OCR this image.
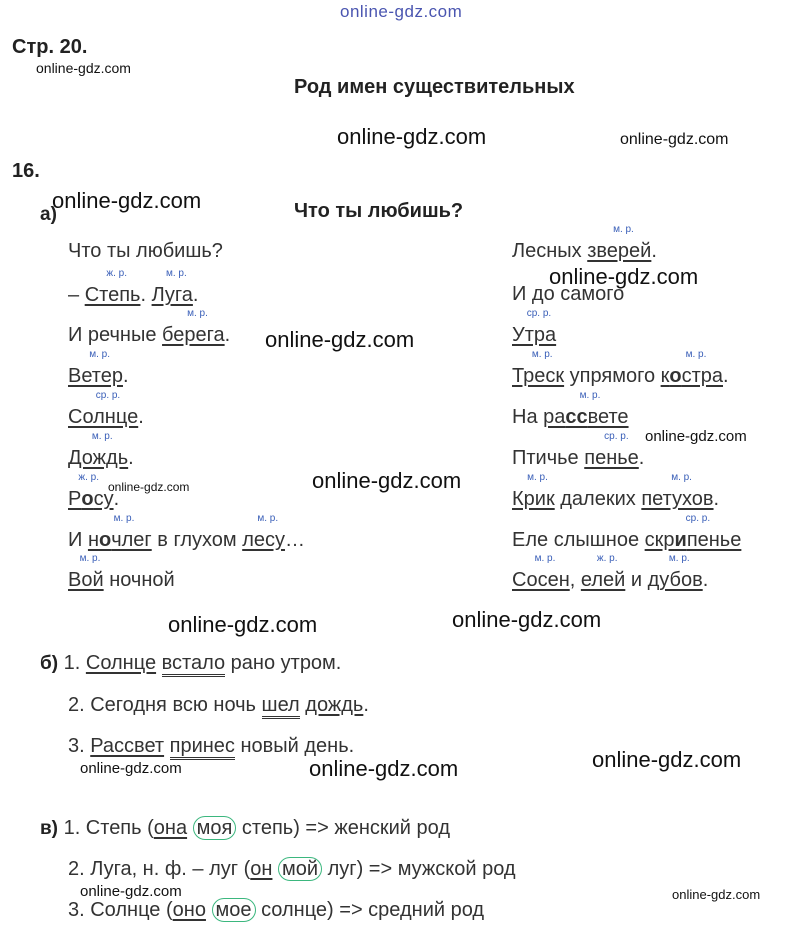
online-gdz.com
online-gdz.com
online-gdz.com	online-gdz.com
online-gdz.com
online-gdz.com
online-gdz.com
online-gdz.com
online-gdz.com
online-gdz.com
online-gdz.com	online-gdz.com
online-gdz.com	online-gdz.com	online-gdz.com
online-gdz.com	online-gdz.com
Стр. 20.
Род имен существительных
16.
а)	Что ты любишь?
Что ты любишь?
–
ж. р.
Степь.
м. р.
Луга.
И речные
м. р.
берега.
м. р.
Ветер.
ср. р.
Солнце.
м. р.
Дождь.
ж. р.
Росу.
И
м. р.
ночлег в глухом
м. р.
лесу…
м. р.
Вой ночной
Лесных
м. р.
зверей.
И до самого
ср. р.
Утра
м. р.
Треск упрямого
м. р.
костра.
На
м. р.
рассвете
Птичье
ср. р.
пенье.
м. р.
Крик далеких
м. р.
петухов.
Еле слышное
ср. р.
скрипенье
м. р.
Сосен,
ж. р.
елей и
м. р.
дубов.
б) 1. Солнце встало рано утром.
2. Сегодня всю ночь шел дождь.
3. Рассвет принес новый день.
в) 1. Степь (она моя степь) => женский род
2. Луга, н. ф. – луг (он мой луг) => мужской род
3. Солнце (оно мое солнце) => средний род
